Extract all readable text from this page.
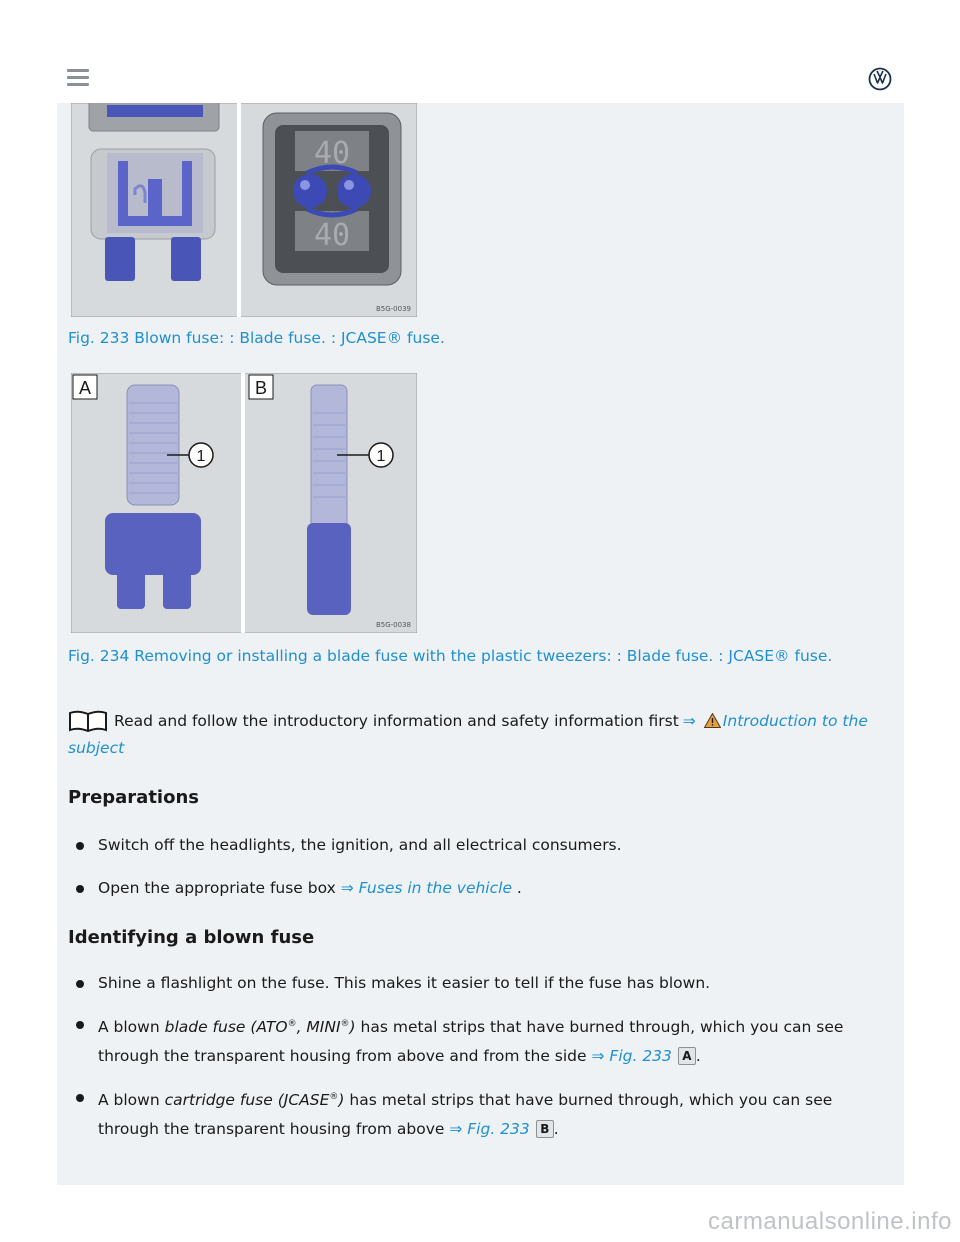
40
40
B5G-0039
Fig. 233 Blown fuse: : Blade fuse. : JCASE® fuse.
A	B
1	1
B5G-0038
Fig. 234 Removing or installing a blade fuse with the plastic tweezers: : Blade fuse. : JCASE® fuse.
Read and follow the introductory information and safety information first ⇒ Introduction to the subject
Preparations
Switch off the headlights, the ignition, and all electrical consumers.
Open the appropriate fuse box ⇒ Fuses in the vehicle .
Identifying a blown fuse
Shine a flashlight on the fuse. This makes it easier to tell if the fuse has blown.
A blown blade fuse (ATO®, MINI®) has metal strips that have burned through, which you can see through the transparent housing from above and from the side ⇒ Fig. 233 A .
A blown cartridge fuse (JCASE®) has metal strips that have burned through, which you can see through the transparent housing from above ⇒ Fig. 233 B .
carmanualsonline.info
